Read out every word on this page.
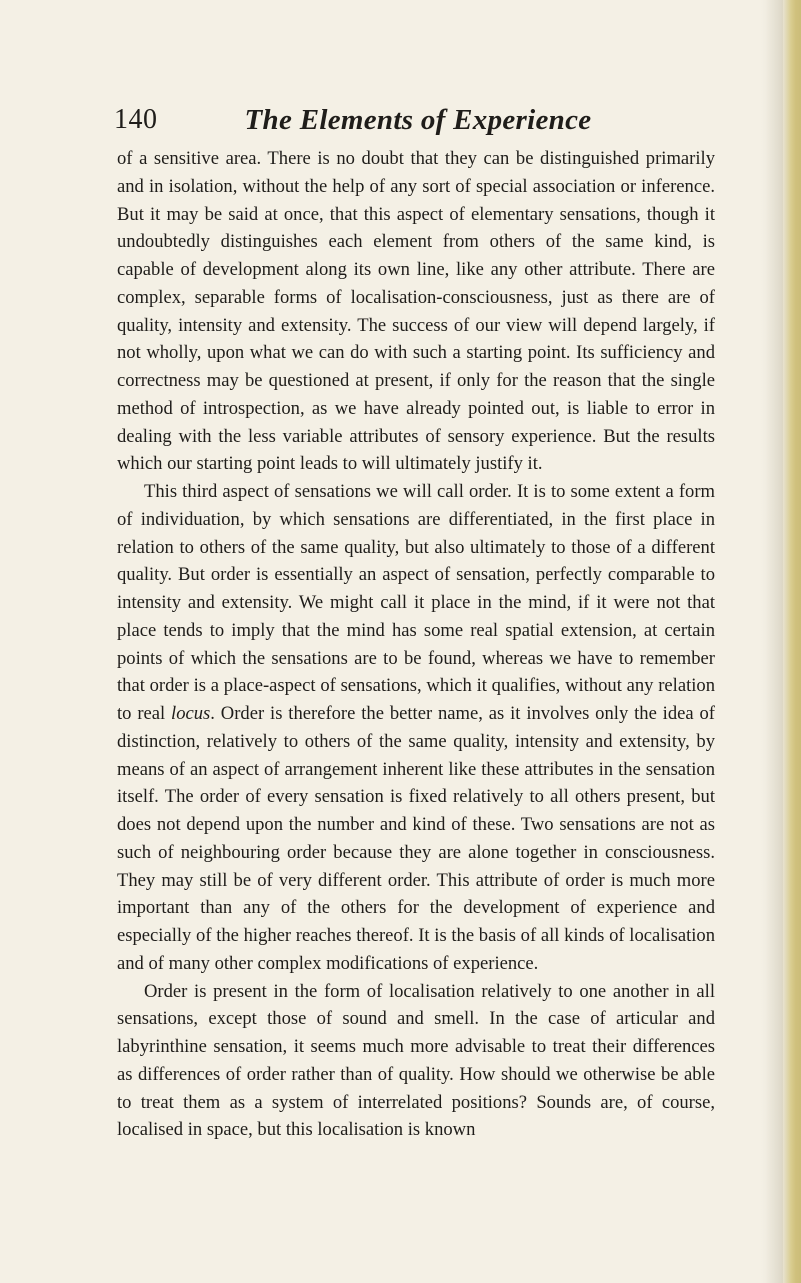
140	The Elements of Experience

of a sensitive area. There is no doubt that they can be distinguished primarily and in isolation, without the help of any sort of special association or inference. But it may be said at once, that this aspect of elementary sensations, though it undoubtedly distinguishes each element from others of the same kind, is capable of development along its own line, like any other attribute. There are complex, separable forms of localisation-consciousness, just as there are of quality, intensity and extensity. The success of our view will depend largely, if not wholly, upon what we can do with such a starting point. Its sufficiency and correctness may be questioned at present, if only for the reason that the single method of introspection, as we have already pointed out, is liable to error in dealing with the less variable attributes of sensory experience. But the results which our starting point leads to will ultimately justify it.

This third aspect of sensations we will call order. It is to some extent a form of individuation, by which sensations are differentiated, in the first place in relation to others of the same quality, but also ultimately to those of a different quality. But order is essentially an aspect of sensation, perfectly comparable to intensity and extensity. We might call it place in the mind, if it were not that place tends to imply that the mind has some real spatial extension, at certain points of which the sensations are to be found, whereas we have to remember that order is a place-aspect of sensations, which it qualifies, without any relation to real locus. Order is therefore the better name, as it involves only the idea of distinction, relatively to others of the same quality, intensity and extensity, by means of an aspect of arrangement inherent like these attributes in the sensation itself. The order of every sensation is fixed relatively to all others present, but does not depend upon the number and kind of these. Two sensations are not as such of neighbouring order because they are alone together in consciousness. They may still be of very different order. This attribute of order is much more important than any of the others for the development of experience and especially of the higher reaches thereof. It is the basis of all kinds of localisation and of many other complex modifications of experience.

Order is present in the form of localisation relatively to one another in all sensations, except those of sound and smell. In the case of articular and labyrinthine sensation, it seems much more advisable to treat their differences as differences of order rather than of quality. How should we otherwise be able to treat them as a system of interrelated positions? Sounds are, of course, localised in space, but this localisation is known
